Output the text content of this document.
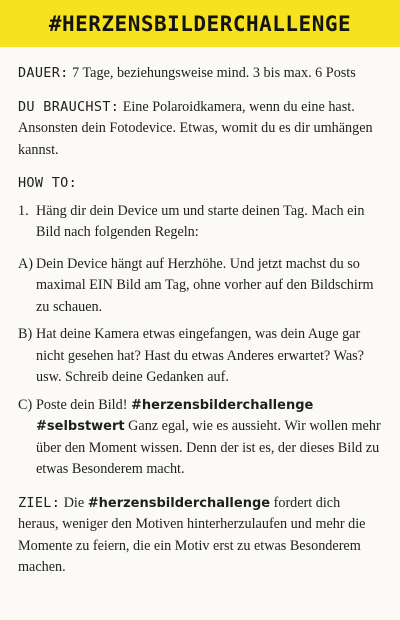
#HERZENSBILDERCHALLENGE

DAUER: 7 Tage, beziehungsweise mind. 3 bis max. 6 Posts

DU BRAUCHST: Eine Polaroidkamera, wenn du eine hast. Ansonsten dein Fotodevice. Etwas, womit du es dir umhängen kannst.

HOW TO:

1. Häng dir dein Device um und starte deinen Tag. Mach ein Bild nach folgenden Regeln:
A) Dein Device hängt auf Herzhöhe. Und jetzt machst du so maximal EIN Bild am Tag, ohne vorher auf den Bildschirm zu schauen.
B) Hat deine Kamera etwas eingefangen, was dein Auge gar nicht gesehen hat? Hast du etwas Anderes erwartet? Was? usw. Schreib deine Gedanken auf.
C) Poste dein Bild! #herzensbilderchallenge #selbstwert Ganz egal, wie es aussieht. Wir wollen mehr über den Moment wissen. Denn der ist es, der dieses Bild zu etwas Besonderem macht.

ZIEL: Die #herzensbilderchallenge fordert dich heraus, weniger den Motiven hinterherzulaufen und mehr die Momente zu feiern, die ein Motiv erst zu etwas Besonderem machen.
